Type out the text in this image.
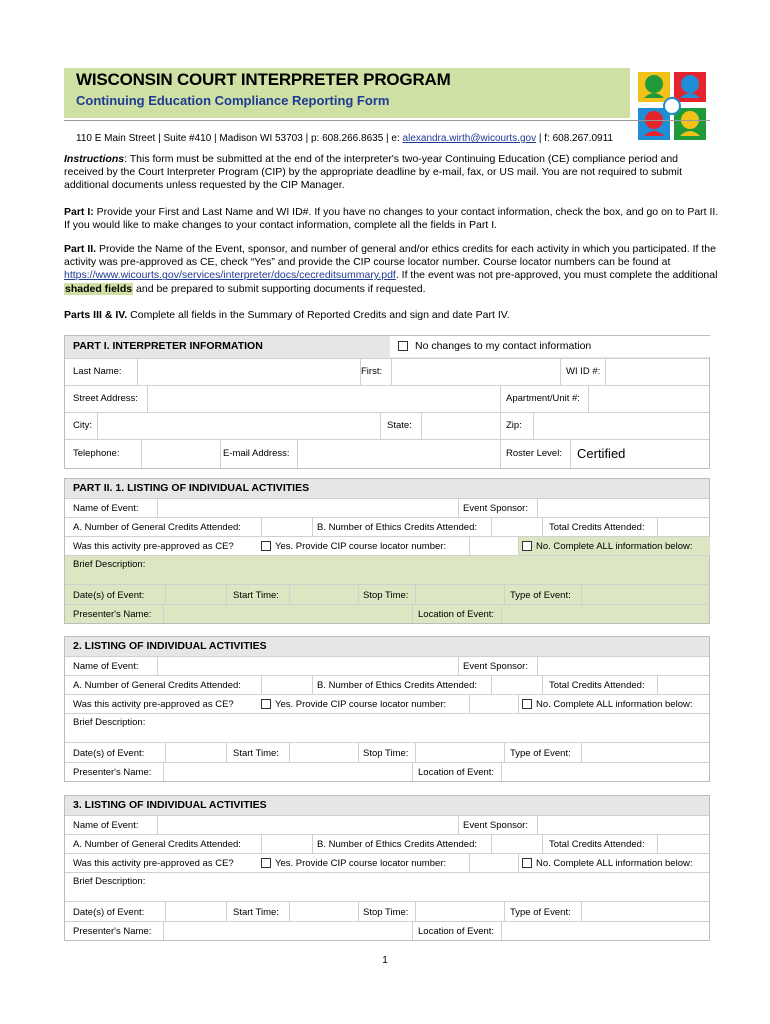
WISCONSIN COURT INTERPRETER PROGRAM
Continuing Education Compliance Reporting Form
110 E Main Street | Suite #410 | Madison WI 53703 | p: 608.266.8635 | e: alexandra.wirth@wicourts.gov | f: 608.267.0911
Instructions: This form must be submitted at the end of the interpreter's two-year Continuing Education (CE) compliance period and received by the Court Interpreter Program (CIP) by the appropriate deadline by e-mail, fax, or US mail. You are not required to submit additional documents unless requested by the CIP Manager.
Part I: Provide your First and Last Name and WI ID#. If you have no changes to your contact information, check the box, and go on to Part II. If you would like to make changes to your contact information, complete all the fields in Part I.
Part II. Provide the Name of the Event, sponsor, and number of general and/or ethics credits for each activity in which you participated. If the activity was pre-approved as CE, check “Yes” and provide the CIP course locator number. Course locator numbers can be found at https://www.wicourts.gov/services/interpreter/docs/cecreditsummary.pdf. If the event was not pre-approved, you must complete the additional shaded fields and be prepared to submit supporting documents if requested.
Parts III & IV. Complete all fields in the Summary of Reported Credits and sign and date Part IV.
PART I. INTERPRETER INFORMATION	No changes to my contact information
Last Name:	First:	WI ID #:
Street Address:	Apartment/Unit #:
City:	State:	Zip:
Telephone:	E-mail Address:	Roster Level: Certified
PART II. 1. LISTING OF INDIVIDUAL ACTIVITIES
Name of Event:	Event Sponsor:
A. Number of General Credits Attended:	B. Number of Ethics Credits Attended:	Total Credits Attended:
Was this activity pre-approved as CE?	Yes. Provide CIP course locator number:	No. Complete ALL information below:
Brief Description:
Date(s) of Event:	Start Time:	Stop Time:	Type of Event:
Presenter's Name:	Location of Event:
2. LISTING OF INDIVIDUAL ACTIVITIES
Name of Event:	Event Sponsor:
A. Number of General Credits Attended:	B. Number of Ethics Credits Attended:	Total Credits Attended:
Was this activity pre-approved as CE?	Yes. Provide CIP course locator number:	No. Complete ALL information below:
Brief Description:
Date(s) of Event:	Start Time:	Stop Time:	Type of Event:
Presenter's Name:	Location of Event:
3. LISTING OF INDIVIDUAL ACTIVITIES
Name of Event:	Event Sponsor:
A. Number of General Credits Attended:	B. Number of Ethics Credits Attended:	Total Credits Attended:
Was this activity pre-approved as CE?	Yes. Provide CIP course locator number:	No. Complete ALL information below:
Brief Description:
Date(s) of Event:	Start Time:	Stop Time:	Type of Event:
Presenter's Name:	Location of Event:
1
